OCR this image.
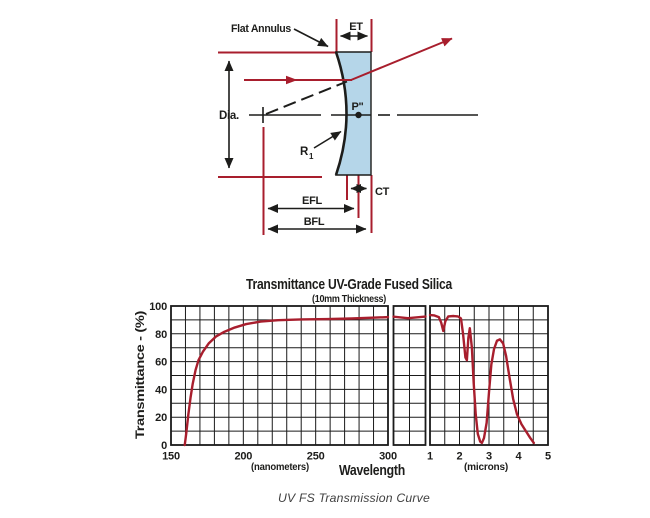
Flat Annulus	ET
Dia.
P"
R 1
CT
EFL
BFL
Transmittance UV-Grade Fused Silica
(10mm Thickness)
Transmittance - (%)
100
80
60
40
20
0
150	200	250	300	1 2 3 4 5
(nanometers) Wavelength	(microns)
UV FS Transmission Curve
